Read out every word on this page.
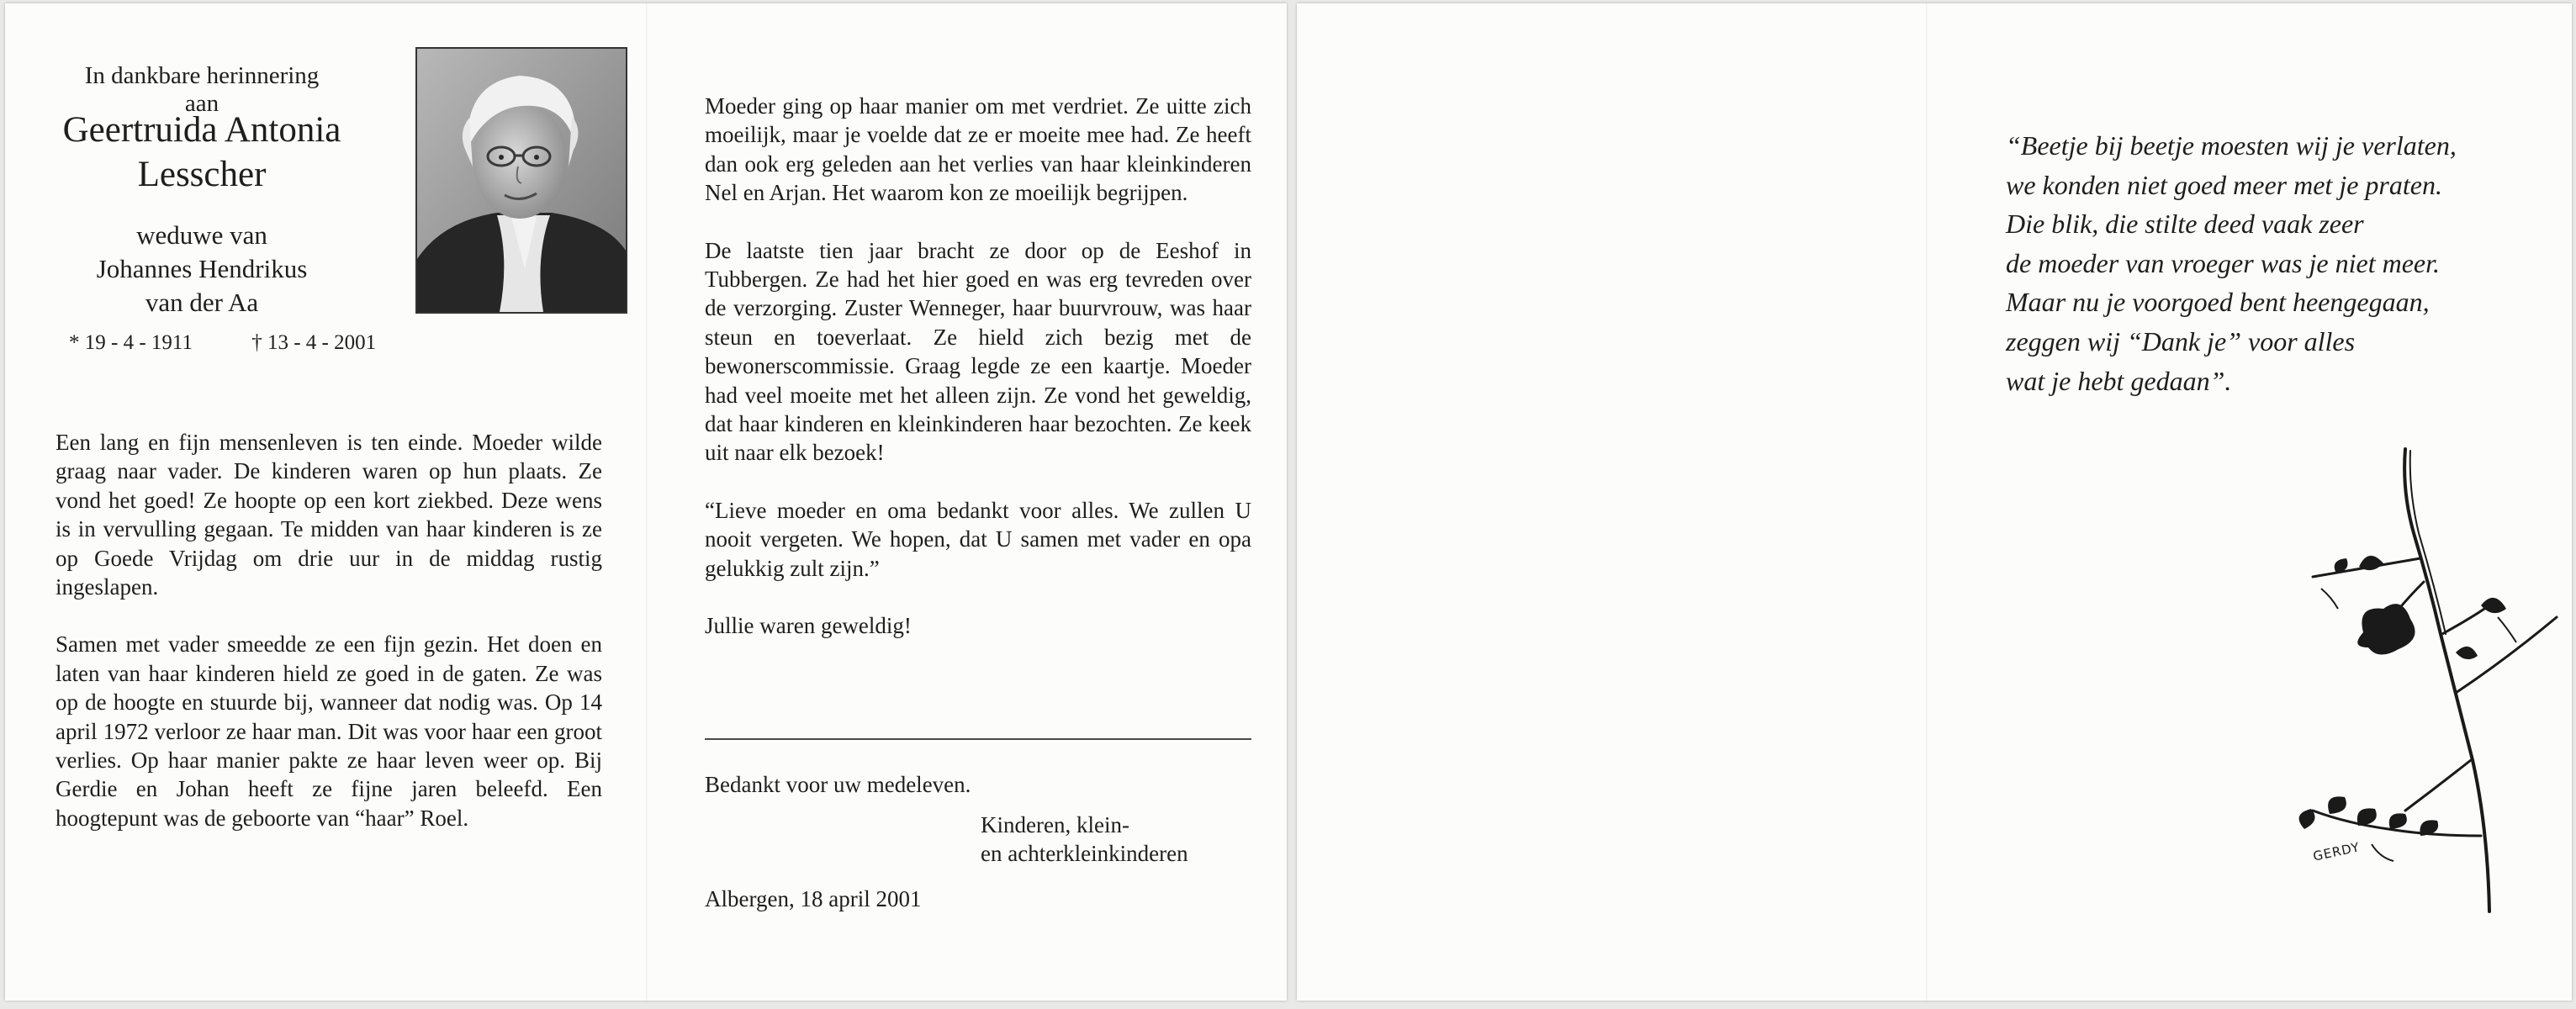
In dankbare herinnering aan
Geertruida Antonia
Lesscher
weduwe van
Johannes Hendrikus
van der Aa
* 19 - 4 - 1911	† 13 - 4 - 2001

Een lang en fijn mensenleven is ten einde. Moeder wilde graag naar vader. De kinderen waren op hun plaats. Ze vond het goed! Ze hoopte op een kort ziekbed. Deze wens is in vervulling gegaan. Te midden van haar kinderen is ze op Goede Vrijdag om drie uur in de middag rustig ingeslapen.

Samen met vader smeedde ze een fijn gezin. Het doen en laten van haar kinderen hield ze goed in de gaten. Ze was op de hoogte en stuurde bij, wanneer dat nodig was. Op 14 april 1972 verloor ze haar man. Dit was voor haar een groot verlies. Op haar manier pakte ze haar leven weer op. Bij Gerdie en Johan heeft ze fijne jaren beleefd. Een hoogtepunt was de geboorte van “haar” Roel.

Moeder ging op haar manier om met verdriet. Ze uitte zich moeilijk, maar je voelde dat ze er moeite mee had. Ze heeft dan ook erg geleden aan het verlies van haar kleinkinderen Nel en Arjan. Het waarom kon ze moeilijk begrijpen.

De laatste tien jaar bracht ze door op de Eeshof in Tubbergen. Ze had het hier goed en was erg tevreden over de verzorging. Zuster Wenneger, haar buurvrouw, was haar steun en toeverlaat. Ze hield zich bezig met de bewonerscommissie. Graag legde ze een kaartje. Moeder had veel moeite met het alleen zijn. Ze vond het geweldig, dat haar kinderen en kleinkinderen haar bezochten. Ze keek uit naar elk bezoek!

“Lieve moeder en oma bedankt voor alles. We zullen U nooit vergeten. We hopen, dat U samen met vader en opa gelukkig zult zijn.”

Jullie waren geweldig!

Bedankt voor uw medeleven.
Kinderen, klein-
en achterkleinkinderen
Albergen, 18 april 2001
“Beetje bij beetje moesten wij je verlaten,
we konden niet goed meer met je praten.
Die blik, die stilte deed vaak zeer
de moeder van vroeger was je niet meer.
Maar nu je voorgoed bent heengegaan,
zeggen wij “Dank je” voor alles
wat je hebt gedaan”.
GERDY
